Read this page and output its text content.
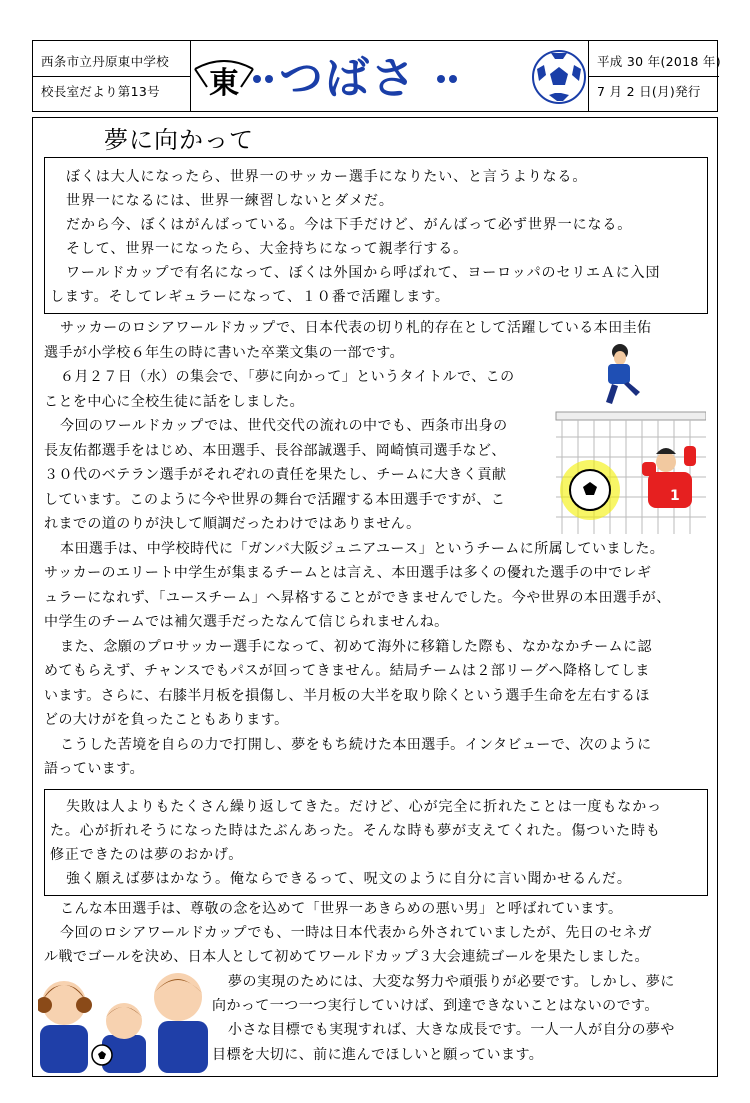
西条市立丹原東中学校
校長室だより第13号	東 つばさ	平成 30 年(2018 年)
7 月 2 日(月)発行
夢に向かって
ぼくは大人になったら、世界一のサッカー選手になりたい、と言うよりなる。
世界一になるには、世界一練習しないとダメだ。
だから今、ぼくはがんばっている。今は下手だけど、がんばって必ず世界一になる。
そして、世界一になったら、大金持ちになって親孝行する。
ワールドカップで有名になって、ぼくは外国から呼ばれて、ヨーロッパのセリエＡに入団
します。そしてレギュラーになって、１０番で活躍します。
サッカーのロシアワールドカップで、日本代表の切り札的存在として活躍している本田圭佑
選手が小学校６年生の時に書いた卒業文集の一部です。
６月２７日（水）の集会で、「夢に向かって」というタイトルで、この
ことを中心に全校生徒に話をしました。
今回のワールドカップでは、世代交代の流れの中でも、西条市出身の
長友佑都選手をはじめ、本田選手、長谷部誠選手、岡崎慎司選手など、
３０代のベテラン選手がそれぞれの責任を果たし、チームに大きく貢献
しています。このように今や世界の舞台で活躍する本田選手ですが、こ
れまでの道のりが決して順調だったわけではありません。
本田選手は、中学校時代に「ガンバ大阪ジュニアユース」というチームに所属していました。
サッカーのエリート中学生が集まるチームとは言え、本田選手は多くの優れた選手の中でレギ
ュラーになれず、「ユースチーム」へ昇格することができませんでした。今や世界の本田選手が、
中学生のチームでは補欠選手だったなんて信じられませんね。
また、念願のプロサッカー選手になって、初めて海外に移籍した際も、なかなかチームに認
めてもらえず、チャンスでもパスが回ってきません。結局チームは２部リーグへ降格してしま
います。さらに、右膝半月板を損傷し、半月板の大半を取り除くという選手生命を左右するほ
どの大けがを負ったこともあります。
こうした苦境を自らの力で打開し、夢をもち続けた本田選手。インタビューで、次のように
語っています。
1
失敗は人よりもたくさん繰り返してきた。だけど、心が完全に折れたことは一度もなかっ
た。心が折れそうになった時はたぶんあった。そんな時も夢が支えてくれた。傷ついた時も
修正できたのは夢のおかげ。
強く願えば夢はかなう。俺ならできるって、呪文のように自分に言い聞かせるんだ。
こんな本田選手は、尊敬の念を込めて「世界一あきらめの悪い男」と呼ばれています。
今回のロシアワールドカップでも、一時は日本代表から外されていましたが、先日のセネガ
ル戦でゴールを決め、日本人として初めてワールドカップ３大会連続ゴールを果たしました。
夢の実現のためには、大変な努力や頑張りが必要です。しかし、夢に
向かって一つ一つ実行していけば、到達できないことはないのです。
小さな目標でも実現すれば、大きな成長です。一人一人が自分の夢や
目標を大切に、前に進んでほしいと願っています。
